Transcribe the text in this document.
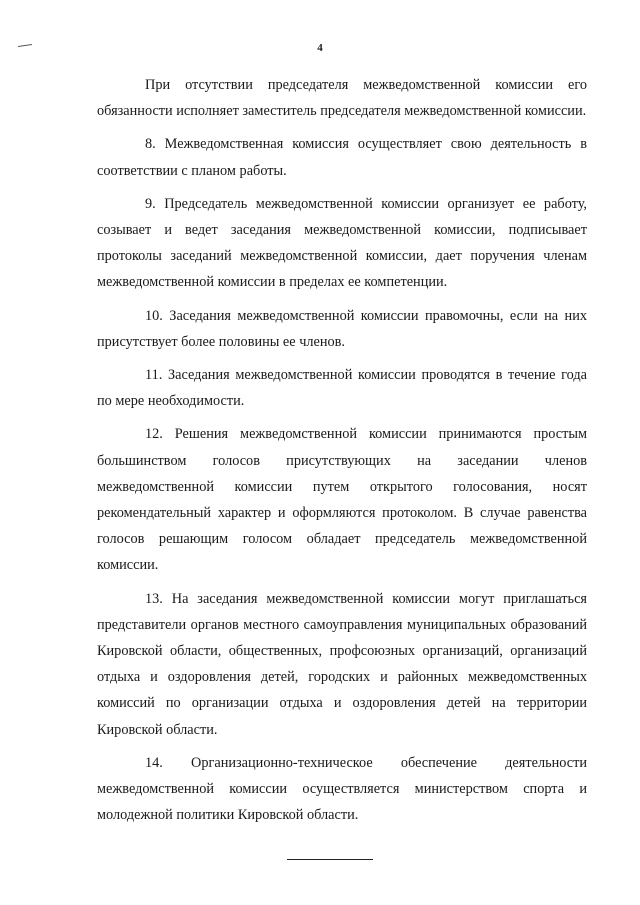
4

При отсутствии председателя межведомственной комиссии его обязанности исполняет заместитель председателя межведомственной комиссии.

8. Межведомственная комиссия осуществляет свою деятельность в соответствии с планом работы.

9. Председатель межведомственной комиссии организует ее работу, созывает и ведет заседания межведомственной комиссии, подписывает протоколы заседаний межведомственной комиссии, дает поручения членам межведомственной комиссии в пределах ее компетенции.

10. Заседания межведомственной комиссии правомочны, если на них присутствует более половины ее членов.

11. Заседания межведомственной комиссии проводятся в течение года по мере необходимости.

12. Решения межведомственной комиссии принимаются простым большинством голосов присутствующих на заседании членов межведомственной комиссии путем открытого голосования, носят рекомендательный характер и оформляются протоколом. В случае равенства голосов решающим голосом обладает председатель межведомственной комиссии.

13. На заседания межведомственной комиссии могут приглашаться представители органов местного самоуправления муниципальных образований Кировской области, общественных, профсоюзных организаций, организаций отдыха и оздоровления детей, городских и районных межведомственных комиссий по организации отдыха и оздоровления детей на территории Кировской области.

14. Организационно-техническое обеспечение деятельности межведомственной комиссии осуществляется министерством спорта и молодежной политики Кировской области.
